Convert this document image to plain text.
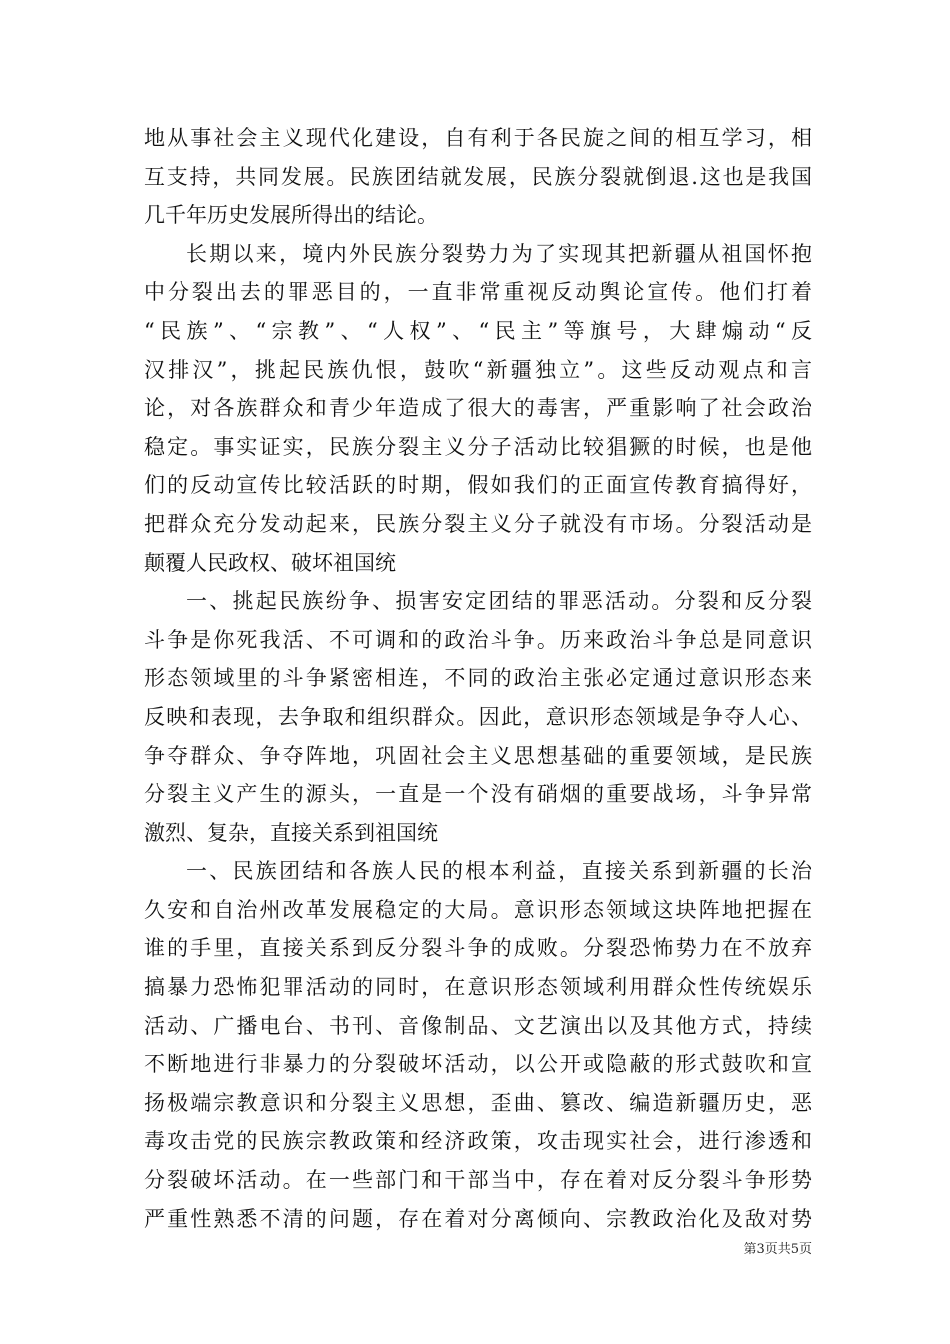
地从事社会主义现代化建设，自有利于各民旋之间的相互学习，相
互支持，共同发展。民族团结就发展，民族分裂就倒退.这也是我国
几千年历史发展所得出的结论。
长期以来，境内外民族分裂势力为了实现其把新疆从祖国怀抱
中分裂出去的罪恶目的，一直非常重视反动舆论宣传。他们打着
“民族”、“宗教”、“人权”、“民主”等旗号，大肆煽动“反
汉排汉”，挑起民族仇恨，鼓吹“新疆独立”。这些反动观点和言
论，对各族群众和青少年造成了很大的毒害，严重影响了社会政治
稳定。事实证实，民族分裂主义分子活动比较猖獗的时候，也是他
们的反动宣传比较活跃的时期，假如我们的正面宣传教育搞得好，
把群众充分发动起来，民族分裂主义分子就没有市场。分裂活动是
颠覆人民政权、破坏祖国统
一、挑起民族纷争、损害安定团结的罪恶活动。分裂和反分裂
斗争是你死我活、不可调和的政治斗争。历来政治斗争总是同意识
形态领域里的斗争紧密相连，不同的政治主张必定通过意识形态来
反映和表现，去争取和组织群众。因此，意识形态领域是争夺人心、
争夺群众、争夺阵地，巩固社会主义思想基础的重要领域，是民族
分裂主义产生的源头，一直是一个没有硝烟的重要战场，斗争异常
激烈、复杂，直接关系到祖国统
一、民族团结和各族人民的根本利益，直接关系到新疆的长治
久安和自治州改革发展稳定的大局。意识形态领域这块阵地把握在
谁的手里，直接关系到反分裂斗争的成败。分裂恐怖势力在不放弃
搞暴力恐怖犯罪活动的同时，在意识形态领域利用群众性传统娱乐
活动、广播电台、书刊、音像制品、文艺演出以及其他方式，持续
不断地进行非暴力的分裂破坏活动，以公开或隐蔽的形式鼓吹和宣
扬极端宗教意识和分裂主义思想，歪曲、篡改、编造新疆历史，恶
毒攻击党的民族宗教政策和经济政策，攻击现实社会，进行渗透和
分裂破坏活动。在一些部门和干部当中，存在着对反分裂斗争形势
严重性熟悉不清的问题，存在着对分离倾向、宗教政治化及敌对势
第3页共5页
